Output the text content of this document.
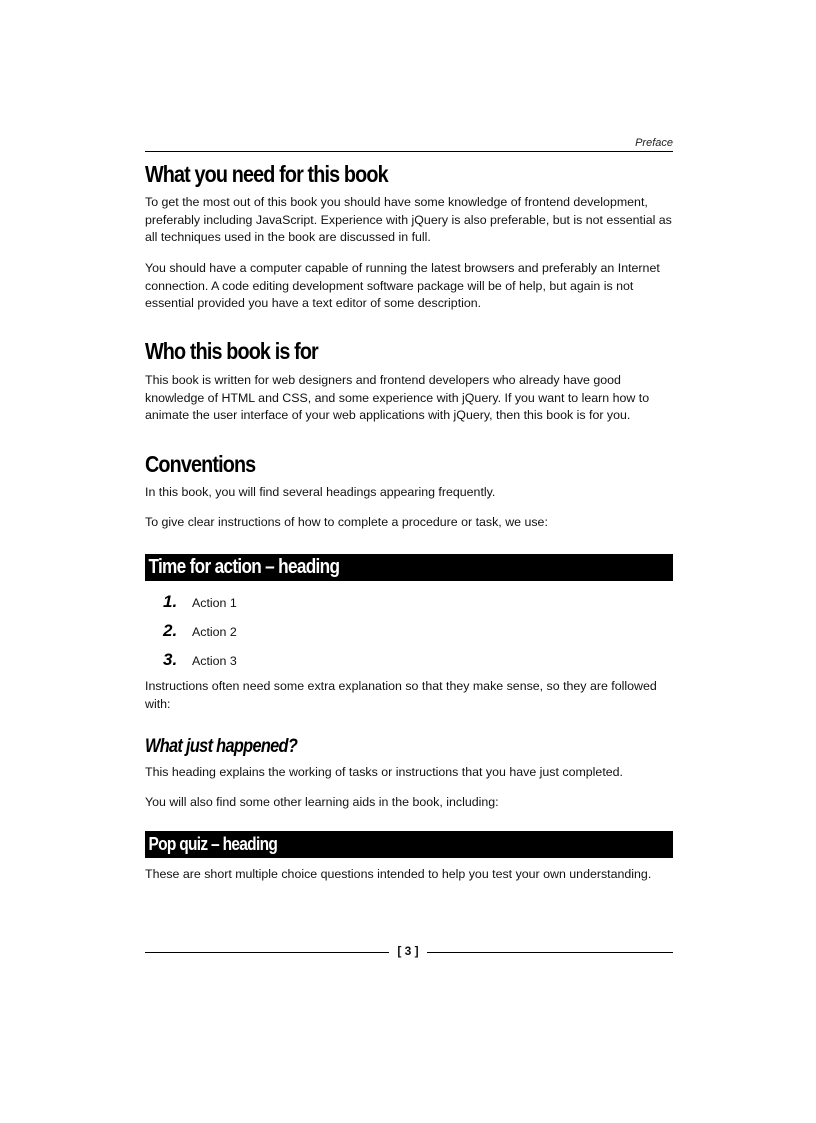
Preface
What you need for this book

To get the most out of this book you should have some knowledge of frontend development, preferably including JavaScript. Experience with jQuery is also preferable, but is not essential as all techniques used in the book are discussed in full.

You should have a computer capable of running the latest browsers and preferably an Internet connection. A code editing development software package will be of help, but again is not essential provided you have a text editor of some description.

Who this book is for

This book is written for web designers and frontend developers who already have good knowledge of HTML and CSS, and some experience with jQuery. If you want to learn how to animate the user interface of your web applications with jQuery, then this book is for you.

Conventions

In this book, you will find several headings appearing frequently.

To give clear instructions of how to complete a procedure or task, we use:

Time for action – heading
1. Action 1
2. Action 2
3. Action 3

Instructions often need some extra explanation so that they make sense, so they are followed with:

What just happened?

This heading explains the working of tasks or instructions that you have just completed.

You will also find some other learning aids in the book, including:

Pop quiz – heading

These are short multiple choice questions intended to help you test your own understanding.

[ 3 ]
